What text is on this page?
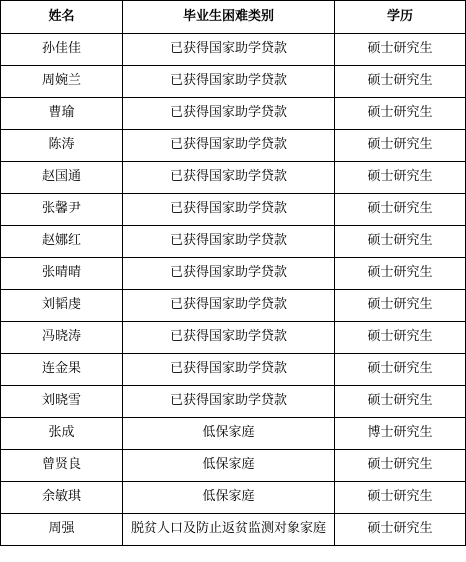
姓名	毕业生困难类别	学历
孙佳佳	已获得国家助学贷款	硕士研究生
周婉兰	已获得国家助学贷款	硕士研究生
曹瑜	已获得国家助学贷款	硕士研究生
陈涛	已获得国家助学贷款	硕士研究生
赵国通	已获得国家助学贷款	硕士研究生
张馨尹	已获得国家助学贷款	硕士研究生
赵娜红	已获得国家助学贷款	硕士研究生
张晴晴	已获得国家助学贷款	硕士研究生
刘韬虔	已获得国家助学贷款	硕士研究生
冯晓涛	已获得国家助学贷款	硕士研究生
连金果	已获得国家助学贷款	硕士研究生
刘晓雪	已获得国家助学贷款	硕士研究生
张成	低保家庭	博士研究生
曾贤良	低保家庭	硕士研究生
余敏琪	低保家庭	硕士研究生
周强	脱贫人口及防止返贫监测对象家庭	硕士研究生
